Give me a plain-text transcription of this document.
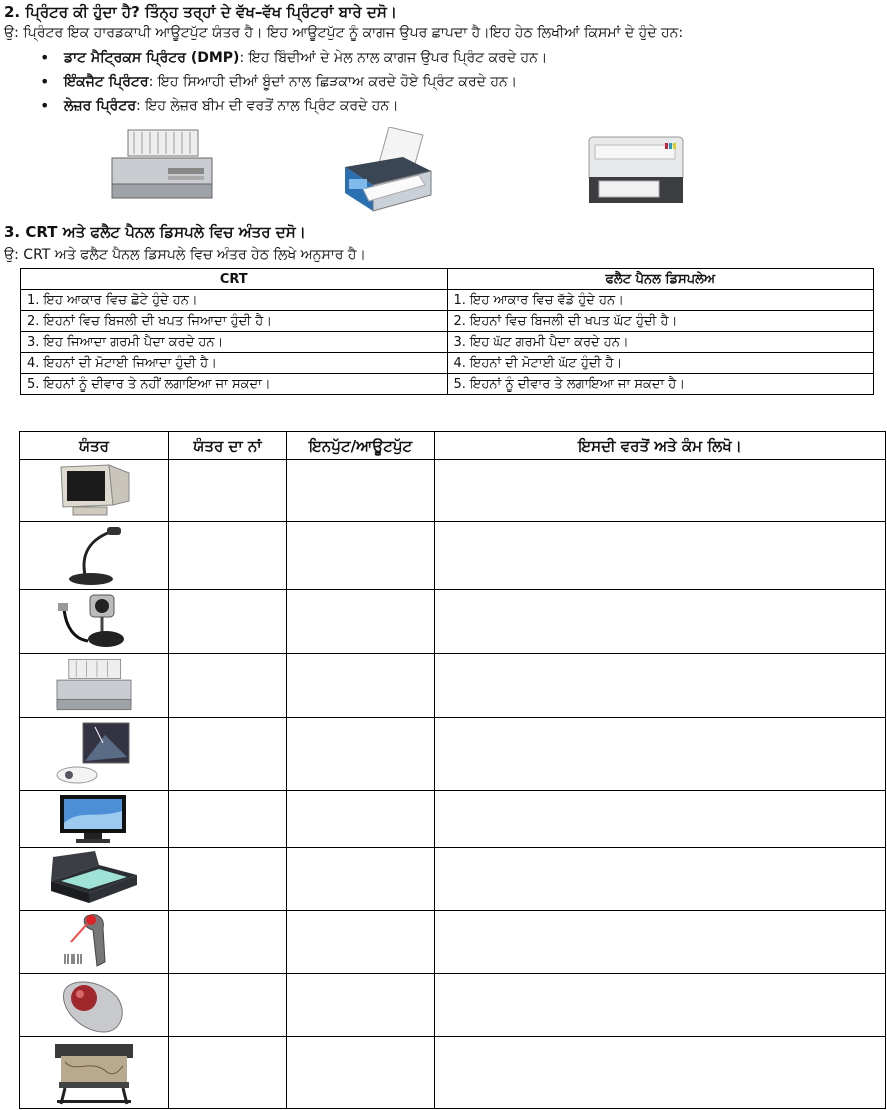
2. ਪ੍ਰਿੰਟਰ ਕੀ ਹੁੰਦਾ ਹੈ? ਤਿੰਨ੍ਹ ਤਰ੍ਹਾਂ ਦੇ ਵੱਖ–ਵੱਖ ਪ੍ਰਿੰਟਰਾਂ ਬਾਰੇ ਦਸੋ।
ਉ: ਪ੍ਰਿੰਟਰ ਇਕ ਹਾਰਡਕਾਪੀ ਆਊਟਪੁੱਟ ਯੰਤਰ ਹੈ। ਇਹ ਆਊਟਪੁੱਟ ਨੂੰ ਕਾਗਜ ਉਪਰ ਛਾਪਦਾ ਹੈ।ਇਹ ਹੇਠ ਲਿਖੀਆਂ ਕਿਸਮਾਂ ਦੇ ਹੁੰਦੇ ਹਨ:
• ਡਾਟ ਮੈਟ੍ਰਿਕਸ ਪ੍ਰਿੰਟਰ (DMP): ਇਹ ਬਿੰਦੀਆਂ ਦੇ ਮੇਲ ਨਾਲ ਕਾਗਜ ਉਪਰ ਪ੍ਰਿੰਟ ਕਰਦੇ ਹਨ।
• ਇੰਕਜੈਟ ਪ੍ਰਿੰਟਰ: ਇਹ ਸਿਆਹੀ ਦੀਆਂ ਬੂੰਦਾਂ ਨਾਲ ਛਿੜਕਾਅ ਕਰਦੇ ਹੋਏ ਪ੍ਰਿੰਟ ਕਰਦੇ ਹਨ।
• ਲੇਜ਼ਰ ਪ੍ਰਿੰਟਰ: ਇਹ ਲੇਜ਼ਰ ਬੀਮ ਦੀ ਵਰਤੋਂ ਨਾਲ ਪ੍ਰਿੰਟ ਕਰਦੇ ਹਨ।
3. CRT ਅਤੇ ਫਲੈਟ ਪੈਨਲ ਡਿਸਪਲੇ ਵਿਚ ਅੰਤਰ ਦਸੋ।
ਉ: CRT ਅਤੇ ਫਲੈਟ ਪੈਨਲ ਡਿਸਪਲੇ ਵਿਚ ਅੰਤਰ ਹੇਠ ਲਿਖੇ ਅਨੁਸਾਰ ਹੈ।
CRT	ਫਲੈਟ ਪੈਨਲ ਡਿਸਪਲੇਅ
1. ਇਹ ਆਕਾਰ ਵਿਚ ਛੋਟੇ ਹੁੰਦੇ ਹਨ।	1. ਇਹ ਆਕਾਰ ਵਿਚ ਵੱਡੇ ਹੁੰਦੇ ਹਨ।
2. ਇਹਨਾਂ ਵਿਚ ਬਿਜਲੀ ਦੀ ਖਪਤ ਜਿਆਦਾ ਹੁੰਦੀ ਹੈ।	2. ਇਹਨਾਂ ਵਿਚ ਬਿਜਲੀ ਦੀ ਖਪਤ ਘੱਟ ਹੁੰਦੀ ਹੈ।
3. ਇਹ ਜਿਆਦਾ ਗਰਮੀ ਪੈਦਾ ਕਰਦੇ ਹਨ।	3. ਇਹ ਘੱਟ ਗਰਮੀ ਪੈਦਾ ਕਰਦੇ ਹਨ।
4. ਇਹਨਾਂ ਦੀ ਮੋਟਾਈ ਜਿਆਦਾ ਹੁੰਦੀ ਹੈ।	4. ਇਹਨਾਂ ਦੀ ਮੋਟਾਈ ਘੱਟ ਹੁੰਦੀ ਹੈ।
5. ਇਹਨਾਂ ਨੂੰ ਦੀਵਾਰ ਤੇ ਨਹੀਂ ਲਗਾਇਆ ਜਾ ਸਕਦਾ।	5. ਇਹਨਾਂ ਨੂੰ ਦੀਵਾਰ ਤੇ ਲਗਾਇਆ ਜਾ ਸਕਦਾ ਹੈ।
ਯੰਤਰ	ਯੰਤਰ ਦਾ ਨਾਂ	ਇਨਪੁੱਟ/ਆਊਟਪੁੱਟ	ਇਸਦੀ ਵਰਤੋਂ ਅਤੇ ਕੰਮ ਲਿਖੋ।
